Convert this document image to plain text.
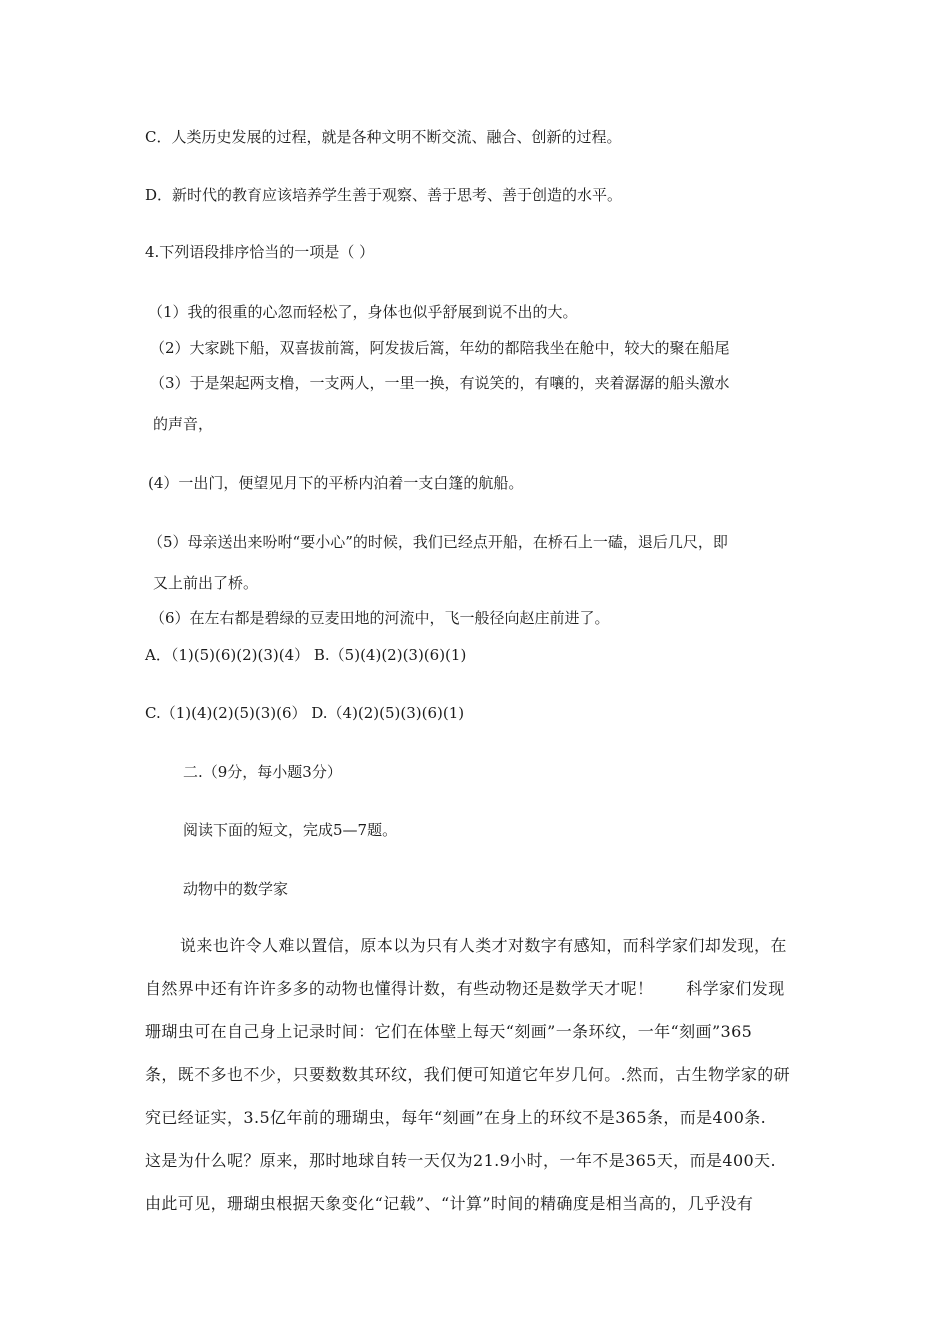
C．人类历史发展的过程，就是各种文明不断交流、融合、创新的过程。
D．新时代的教育应该培养学生善于观察、善于思考、善于创造的水平。
4.下列语段排序恰当的一项是（ ）
（1）我的很重的心忽而轻松了，身体也似乎舒展到说不出的大。
（2）大家跳下船，双喜拔前篙，阿发拔后篙，年幼的都陪我坐在舱中，较大的聚在船尾
（3）于是架起两支橹，一支两人，一里一换，有说笑的，有嚷的，夹着潺潺的船头激水
的声音，
(4）一出门，便望见月下的平桥内泊着一支白篷的航船。
（5）母亲送出来吩咐“要小心”的时候，我们已经点开船，在桥石上一磕，退后几尺，即
又上前出了桥。
（6）在左右都是碧绿的豆麦田地的河流中，飞一般径向赵庄前进了。
A．（1)(5)(6)(2)(3)(4） B.（5)(4)(2)(3)(6)(1)
C.（1)(4)(2)(5)(3)(6） D.（4)(2)(5)(3)(6)(1)
二.（9分，每小题3分）
阅读下面的短文，完成5—7题。
动物中的数学家
说来也许令人难以置信，原本以为只有人类才对数字有感知，而科学家们却发现，在
自然界中还有许许多多的动物也懂得计数，有些动物还是数学天才呢！　　科学家们发现
珊瑚虫可在自己身上记录时间：它们在体壁上每天“刻画”一条环纹，一年“刻画”365
条，既不多也不少，只要数数其环纹，我们便可知道它年岁几何。.然而，古生物学家的研
究已经证实，3.5亿年前的珊瑚虫，每年“刻画”在身上的环纹不是365条，而是400条.
这是为什么呢？原来，那时地球自转一天仅为21.9小时，一年不是365天，而是400天.
由此可见，珊瑚虫根据天象变化“记载”、“计算”时间的精确度是相当高的，几乎没有
